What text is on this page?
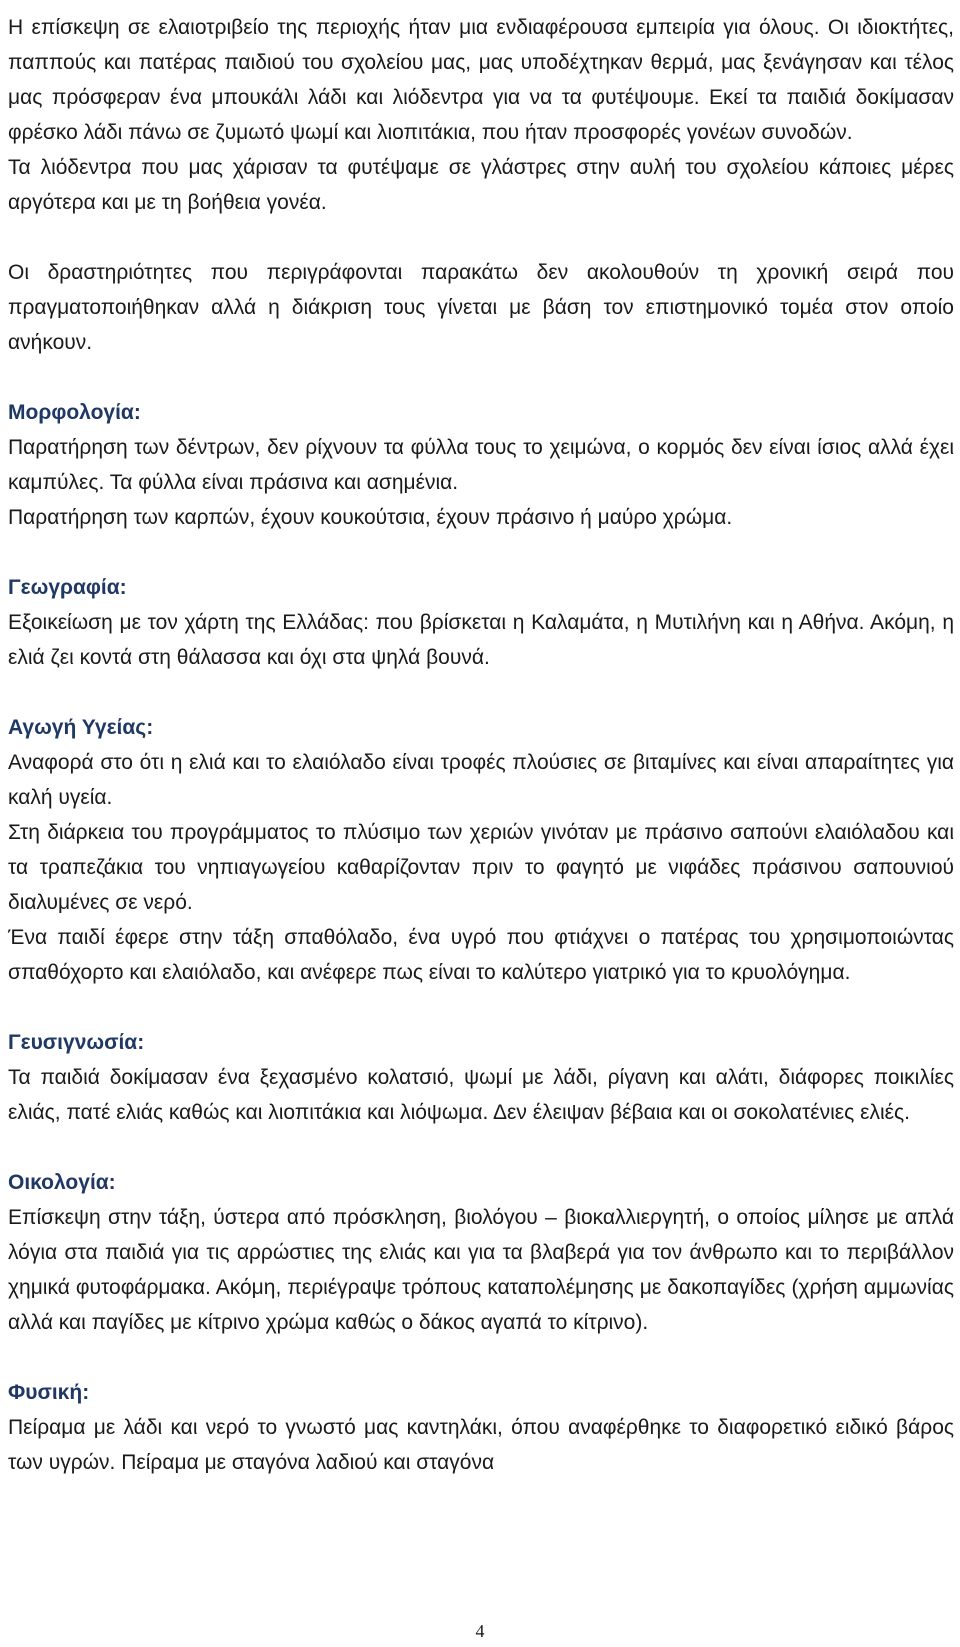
Η επίσκεψη σε ελαιοτριβείο της περιοχής ήταν μια ενδιαφέρουσα εμπειρία για όλους. Οι ιδιοκτήτες, παππούς και πατέρας παιδιού του σχολείου μας, μας υποδέχτηκαν θερμά, μας ξενάγησαν και τέλος μας πρόσφεραν ένα μπουκάλι λάδι και λιόδεντρα για να τα φυτέψουμε. Εκεί τα παιδιά δοκίμασαν φρέσκο λάδι πάνω σε ζυμωτό ψωμί και λιοπιτάκια, που ήταν προσφορές γονέων συνοδών.

Τα λιόδεντρα που μας χάρισαν τα φυτέψαμε σε γλάστρες στην αυλή του σχολείου κάποιες μέρες αργότερα και με τη βοήθεια γονέα.

Οι δραστηριότητες που περιγράφονται παρακάτω δεν ακολουθούν τη χρονική σειρά που πραγματοποιήθηκαν αλλά η διάκριση τους γίνεται με βάση τον επιστημονικό τομέα στον οποίο ανήκουν.

Μορφολογία:

Παρατήρηση των δέντρων, δεν ρίχνουν τα φύλλα τους το χειμώνα, ο κορμός δεν είναι ίσιος αλλά έχει καμπύλες. Τα φύλλα είναι πράσινα και ασημένια.

Παρατήρηση των καρπών, έχουν κουκούτσια, έχουν πράσινο ή μαύρο χρώμα.

Γεωγραφία:

Εξοικείωση με τον χάρτη της Ελλάδας: που βρίσκεται η Καλαμάτα, η Μυτιλήνη και η Αθήνα. Ακόμη, η ελιά ζει κοντά στη θάλασσα και όχι στα ψηλά βουνά.

Αγωγή Υγείας:

Αναφορά στο ότι η ελιά και το ελαιόλαδο είναι τροφές πλούσιες σε βιταμίνες και είναι απαραίτητες για καλή υγεία.

Στη διάρκεια του προγράμματος το πλύσιμο των χεριών γινόταν με πράσινο σαπούνι ελαιόλαδου και τα τραπεζάκια του νηπιαγωγείου καθαρίζονταν πριν το φαγητό με νιφάδες πράσινου σαπουνιού διαλυμένες σε νερό.

Ένα παιδί έφερε στην τάξη σπαθόλαδο, ένα υγρό που φτιάχνει ο πατέρας του χρησιμοποιώντας σπαθόχορτο και ελαιόλαδο, και ανέφερε πως είναι το καλύτερο γιατρικό για το κρυολόγημα.

Γευσιγνωσία:

Τα παιδιά δοκίμασαν ένα ξεχασμένο κολατσιό, ψωμί με λάδι, ρίγανη και αλάτι, διάφορες ποικιλίες ελιάς, πατέ ελιάς καθώς και λιοπιτάκια και λιόψωμα. Δεν έλειψαν βέβαια και οι σοκολατένιες ελιές.

Οικολογία:

Επίσκεψη στην τάξη, ύστερα από πρόσκληση, βιολόγου – βιοκαλλιεργητή, ο οποίος μίλησε με απλά λόγια στα παιδιά για τις αρρώστιες της ελιάς και για τα βλαβερά για τον άνθρωπο και το περιβάλλον χημικά φυτοφάρμακα. Ακόμη, περιέγραψε τρόπους καταπολέμησης με δακοπαγίδες (χρήση αμμωνίας αλλά και παγίδες με κίτρινο χρώμα καθώς ο δάκος αγαπά το κίτρινο).

Φυσική:

Πείραμα με λάδι και νερό το γνωστό μας καντηλάκι, όπου αναφέρθηκε το διαφορετικό ειδικό βάρος των υγρών. Πείραμα με σταγόνα λαδιού και σταγόνα

4
